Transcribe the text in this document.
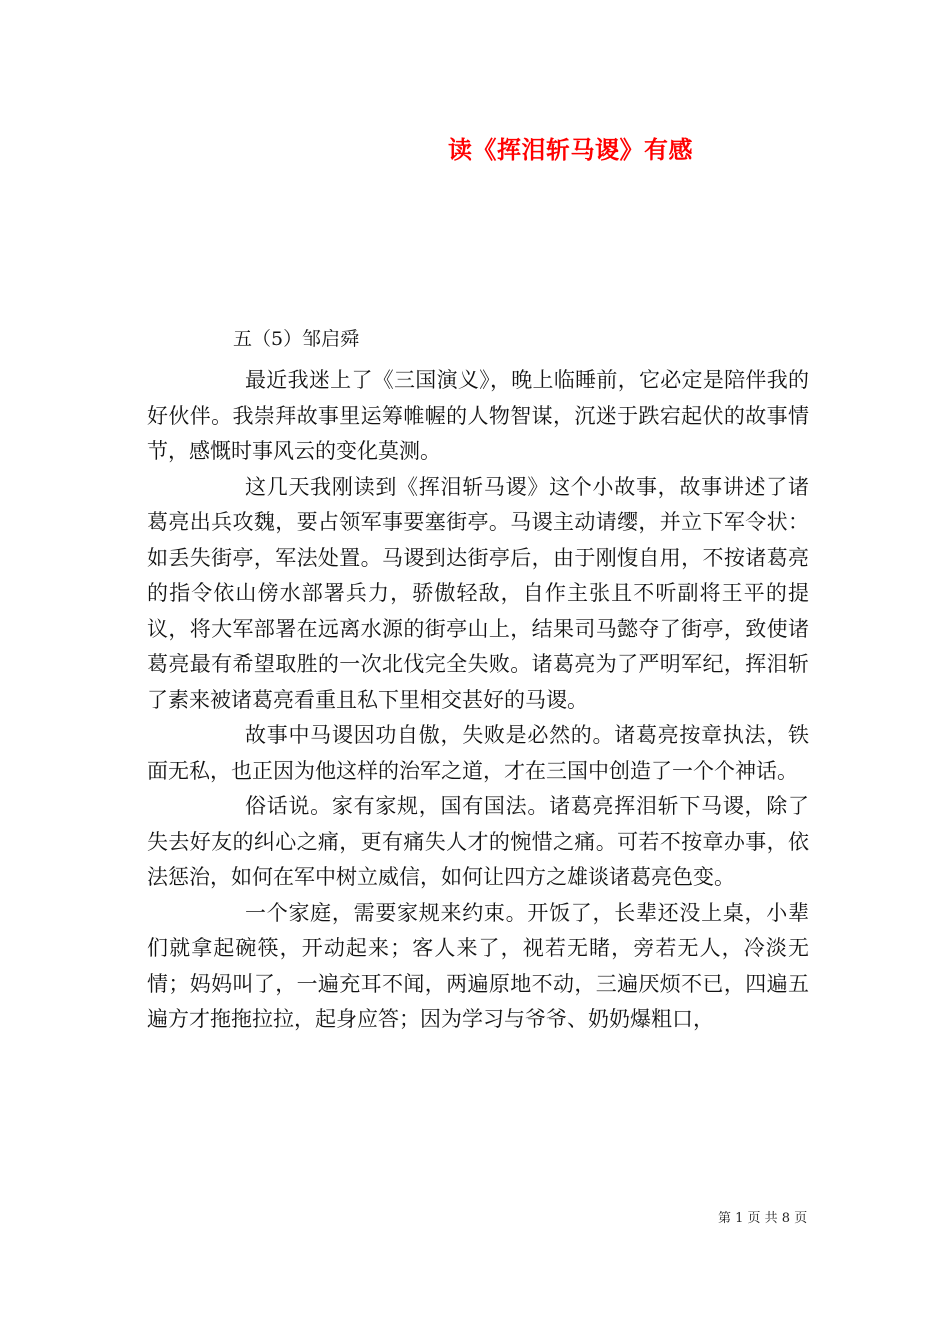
读《挥泪斩马谡》有感
五（5）邹启舜

最近我迷上了《三国演义》，晚上临睡前，它必定是陪伴我的好伙伴。我崇拜故事里运筹帷幄的人物智谋，沉迷于跌宕起伏的故事情节，感慨时事风云的变化莫测。

这几天我刚读到《挥泪斩马谡》这个小故事，故事讲述了诸葛亮出兵攻魏，要占领军事要塞街亭。马谡主动请缨，并立下军令状：如丢失街亭，军法处置。马谡到达街亭后，由于刚愎自用，不按诸葛亮的指令依山傍水部署兵力，骄傲轻敌，自作主张且不听副将王平的提议，将大军部署在远离水源的街亭山上，结果司马懿夺了街亭，致使诸葛亮最有希望取胜的一次北伐完全失败。诸葛亮为了严明军纪，挥泪斩了素来被诸葛亮看重且私下里相交甚好的马谡。

故事中马谡因功自傲，失败是必然的。诸葛亮按章执法，铁面无私，也正因为他这样的治军之道，才在三国中创造了一个个神话。

俗话说。家有家规，国有国法。诸葛亮挥泪斩下马谡，除了失去好友的纠心之痛，更有痛失人才的惋惜之痛。可若不按章办事，依法惩治，如何在军中树立威信，如何让四方之雄谈诸葛亮色变。

一个家庭，需要家规来约束。开饭了，长辈还没上桌，小辈们就拿起碗筷，开动起来；客人来了，视若无睹，旁若无人，冷淡无情；妈妈叫了，一遍充耳不闻，两遍原地不动，三遍厌烦不已，四遍五遍方才拖拖拉拉，起身应答；因为学习与爷爷、奶奶爆粗口，

第 1 页 共 8 页
